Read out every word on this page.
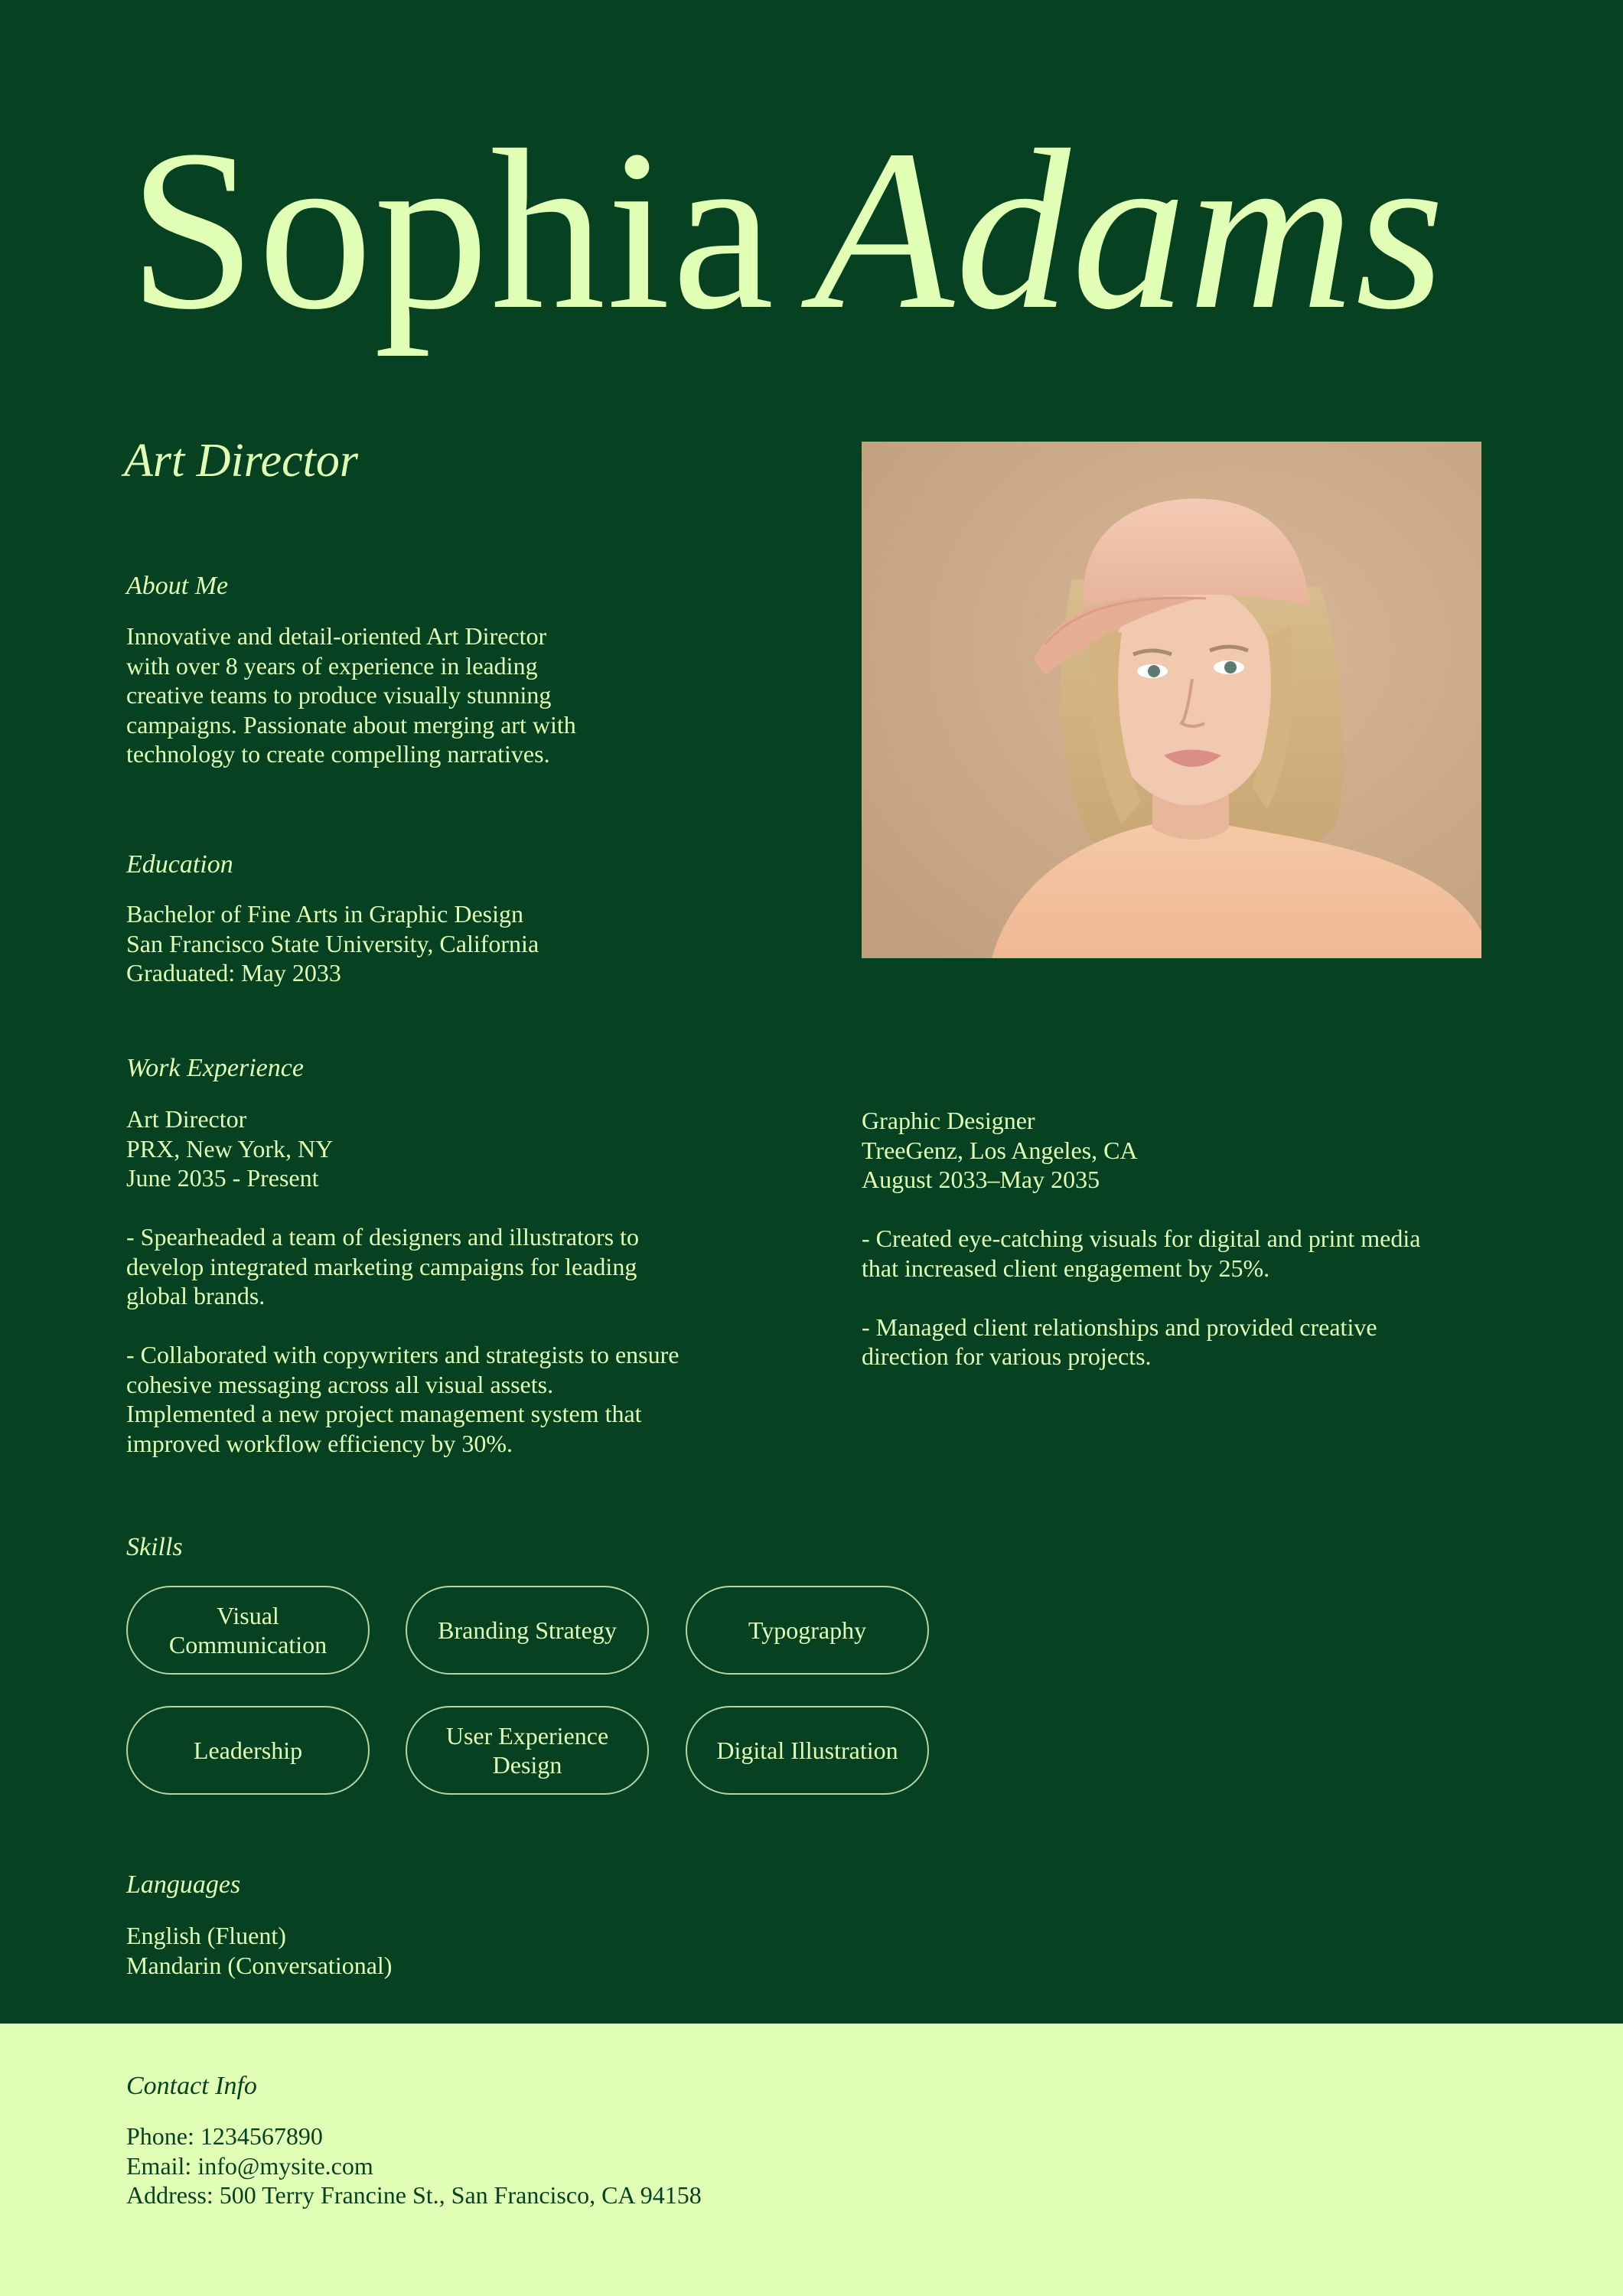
Sophia Adams
Art Director
About Me

Innovative and detail-oriented Art Director

with over 8 years of experience in leading

creative teams to produce visually stunning

campaigns. Passionate about merging art with

technology to create compelling narratives.

Education

Bachelor of Fine Arts in Graphic Design

San Francisco State University, California

Graduated: May 2033

Work Experience

Art Director

PRX, New York, NY

June 2035 - Present

- Spearheaded a team of designers and illustrators to

develop integrated marketing campaigns for leading

global brands.

- Collaborated with copywriters and strategists to ensure

cohesive messaging across all visual assets.

Implemented a new project management system that

improved workflow efficiency by 30%.

Graphic Designer

TreeGenz, Los Angeles, CA

August 2033–May 2035

- Created eye-catching visuals for digital and print media

that increased client engagement by 25%.

- Managed client relationships and provided creative

direction for various projects.

Skills
Visual
Communication
Branding Strategy	Typography
Leadership
User Experience
Design
Digital Illustration
Languages

English (Fluent)

Mandarin (Conversational)

Contact Info

Phone: 1234567890

Email: info@mysite.com

Address: 500 Terry Francine St., San Francisco, CA 94158
